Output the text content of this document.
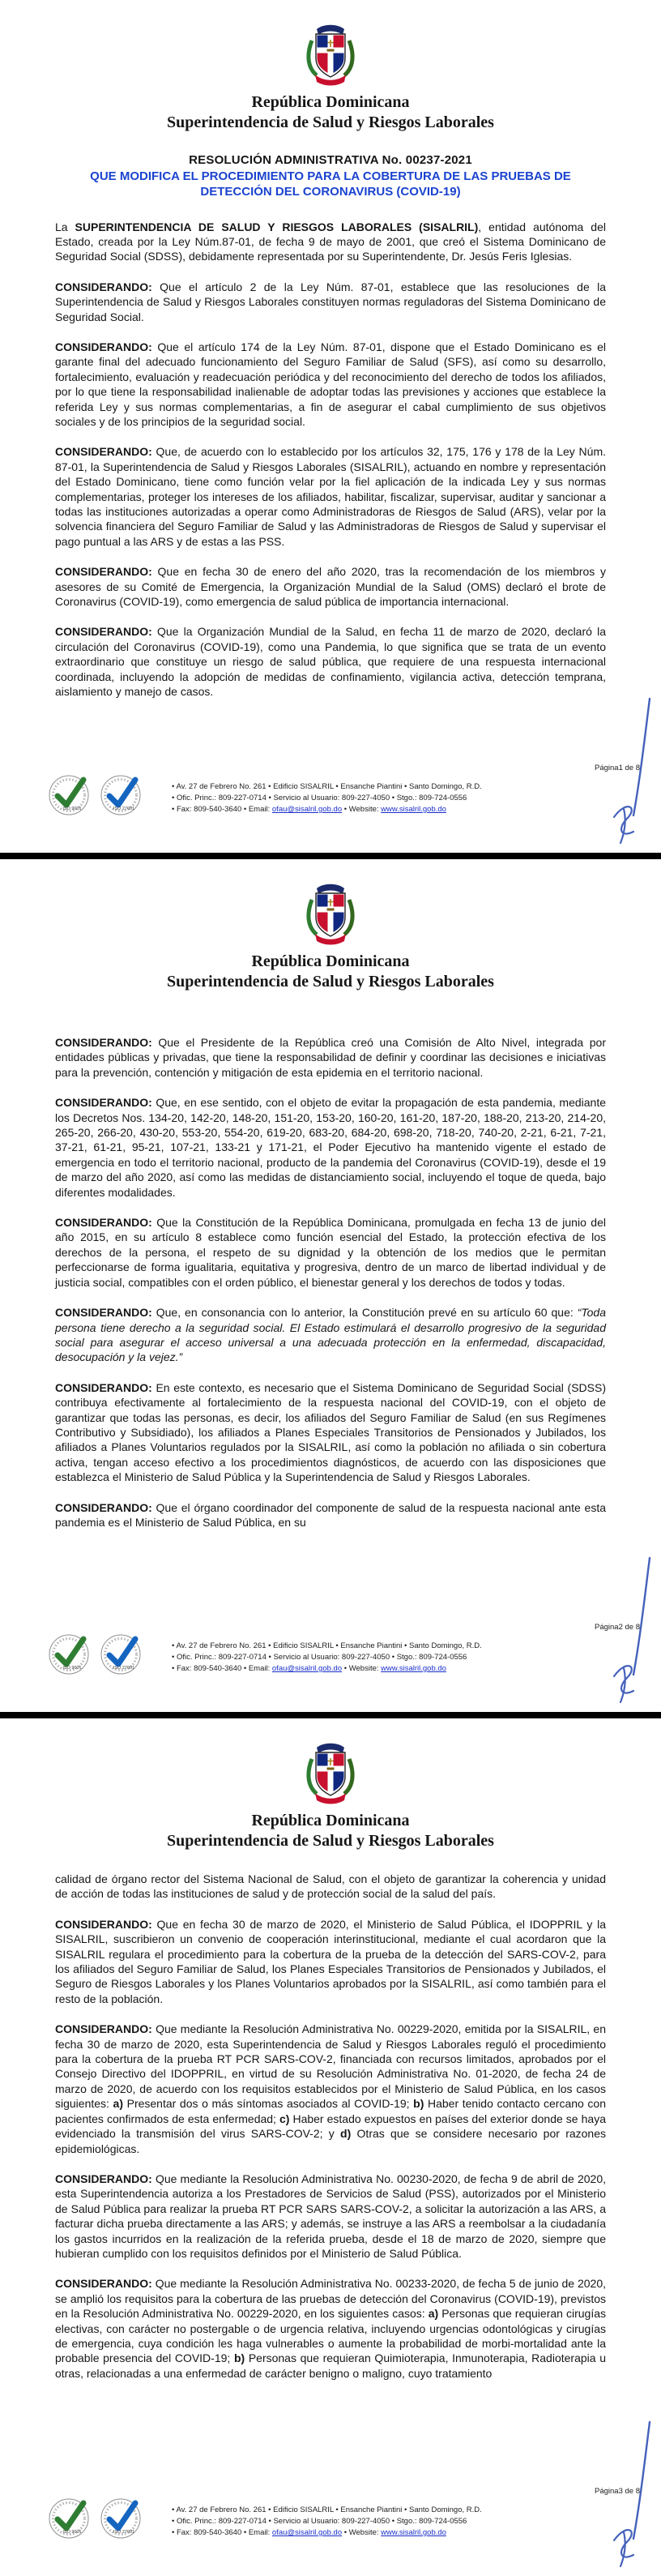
República Dominicana
Superintendencia de Salud y Riesgos Laborales
RESOLUCIÓN ADMINISTRATIVA No. 00237-2021
QUE MODIFICA EL PROCEDIMIENTO PARA LA COBERTURA DE LAS PRUEBAS DE DETECCIÓN DEL CORONAVIRUS (COVID-19)

La SUPERINTENDENCIA DE SALUD Y RIESGOS LABORALES (SISALRIL), entidad autónoma del Estado, creada por la Ley Núm.87-01, de fecha 9 de mayo de 2001, que creó el Sistema Dominicano de Seguridad Social (SDSS), debidamente representada por su Superintendente, Dr. Jesús Feris Iglesias.

CONSIDERANDO: Que el artículo 2 de la Ley Núm. 87-01, establece que las resoluciones de la Superintendencia de Salud y Riesgos Laborales constituyen normas reguladoras del Sistema Dominicano de Seguridad Social.

CONSIDERANDO: Que el artículo 174 de la Ley Núm. 87-01, dispone que el Estado Dominicano es el garante final del adecuado funcionamiento del Seguro Familiar de Salud (SFS), así como su desarrollo, fortalecimiento, evaluación y readecuación periódica y del reconocimiento del derecho de todos los afiliados, por lo que tiene la responsabilidad inalienable de adoptar todas las previsiones y acciones que establece la referida Ley y sus normas complementarias, a fin de asegurar el cabal cumplimiento de sus objetivos sociales y de los principios de la seguridad social.

CONSIDERANDO: Que, de acuerdo con lo establecido por los artículos 32, 175, 176 y 178 de la Ley Núm. 87-01, la Superintendencia de Salud y Riesgos Laborales (SISALRIL), actuando en nombre y representación del Estado Dominicano, tiene como función velar por la fiel aplicación de la indicada Ley y sus normas complementarias, proteger los intereses de los afiliados, habilitar, fiscalizar, supervisar, auditar y sancionar a todas las instituciones autorizadas a operar como Administradoras de Riesgos de Salud (ARS), velar por la solvencia financiera del Seguro Familiar de Salud y las Administradoras de Riesgos de Salud y supervisar el pago puntual a las ARS y de estas a las PSS.

CONSIDERANDO: Que en fecha 30 de enero del año 2020, tras la recomendación de los miembros y asesores de su Comité de Emergencia, la Organización Mundial de la Salud (OMS) declaró el brote de Coronavirus (COVID-19), como emergencia de salud pública de importancia internacional.

CONSIDERANDO: Que la Organización Mundial de la Salud, en fecha 11 de marzo de 2020, declaró la circulación del Coronavirus (COVID-19), como una Pandemia, lo que significa que se trata de un evento extraordinario que constituye un riesgo de salud pública, que requiere de una respuesta internacional coordinada, incluyendo la adopción de medidas de confinamiento, vigilancia activa, detección temprana, aislamiento y manejo de casos.

Página1 de 8
• Av. 27 de Febrero No. 261 • Edificio SISALRIL • Ensanche Piantini • Santo Domingo, R.D.
• Ofic. Princ.: 809-227-0714 • Servicio al Usuario: 809-227-4050 • Stgo.: 809-724-0556
• Fax: 809-540-3640 • Email: ofau@sisalril.gob.do • Website: www.sisalril.gob.do
República Dominicana
Superintendencia de Salud y Riesgos Laborales

CONSIDERANDO: Que el Presidente de la República creó una Comisión de Alto Nivel, integrada por entidades públicas y privadas, que tiene la responsabilidad de definir y coordinar las decisiones e iniciativas para la prevención, contención y mitigación de esta epidemia en el territorio nacional.

CONSIDERANDO: Que, en ese sentido, con el objeto de evitar la propagación de esta pandemia, mediante los Decretos Nos. 134-20, 142-20, 148-20, 151-20, 153-20, 160-20, 161-20, 187-20, 188-20, 213-20, 214-20, 265-20, 266-20, 430-20, 553-20, 554-20, 619-20, 683-20, 684-20, 698-20, 718-20, 740-20, 2-21, 6-21, 7-21, 37-21, 61-21, 95-21, 107-21, 133-21 y 171-21, el Poder Ejecutivo ha mantenido vigente el estado de emergencia en todo el territorio nacional, producto de la pandemia del Coronavirus (COVID-19), desde el 19 de marzo del año 2020, así como las medidas de distanciamiento social, incluyendo el toque de queda, bajo diferentes modalidades.

CONSIDERANDO: Que la Constitución de la República Dominicana, promulgada en fecha 13 de junio del año 2015, en su artículo 8 establece como función esencial del Estado, la protección efectiva de los derechos de la persona, el respeto de su dignidad y la obtención de los medios que le permitan perfeccionarse de forma igualitaria, equitativa y progresiva, dentro de un marco de libertad individual y de justicia social, compatibles con el orden público, el bienestar general y los derechos de todos y todas.

CONSIDERANDO: Que, en consonancia con lo anterior, la Constitución prevé en su artículo 60 que: “Toda persona tiene derecho a la seguridad social. El Estado estimulará el desarrollo progresivo de la seguridad social para asegurar el acceso universal a una adecuada protección en la enfermedad, discapacidad, desocupación y la vejez.”

CONSIDERANDO: En este contexto, es necesario que el Sistema Dominicano de Seguridad Social (SDSS) contribuya efectivamente al fortalecimiento de la respuesta nacional del COVID-19, con el objeto de garantizar que todas las personas, es decir, los afiliados del Seguro Familiar de Salud (en sus Regímenes Contributivo y Subsidiado), los afiliados a Planes Especiales Transitorios de Pensionados y Jubilados, los afiliados a Planes Voluntarios regulados por la SISALRIL, así como la población no afiliada o sin cobertura activa, tengan acceso efectivo a los procedimientos diagnósticos, de acuerdo con las disposiciones que establezca el Ministerio de Salud Pública y la Superintendencia de Salud y Riesgos Laborales.

CONSIDERANDO: Que el órgano coordinador del componente de salud de la respuesta nacional ante esta pandemia es el Ministerio de Salud Pública, en su

Página2 de 8
• Av. 27 de Febrero No. 261 • Edificio SISALRIL • Ensanche Piantini • Santo Domingo, R.D.
• Ofic. Princ.: 809-227-0714 • Servicio al Usuario: 809-227-4050 • Stgo.: 809-724-0556
• Fax: 809-540-3640 • Email: ofau@sisalril.gob.do • Website: www.sisalril.gob.do
República Dominicana
Superintendencia de Salud y Riesgos Laborales

calidad de órgano rector del Sistema Nacional de Salud, con el objeto de garantizar la coherencia y unidad de acción de todas las instituciones de salud y de protección social de la salud del país.

CONSIDERANDO: Que en fecha 30 de marzo de 2020, el Ministerio de Salud Pública, el IDOPPRIL y la SISALRIL, suscribieron un convenio de cooperación interinstitucional, mediante el cual acordaron que la SISALRIL regulara el procedimiento para la cobertura de la prueba de la detección del SARS-COV-2, para los afiliados del Seguro Familiar de Salud, los Planes Especiales Transitorios de Pensionados y Jubilados, el Seguro de Riesgos Laborales y los Planes Voluntarios aprobados por la SISALRIL, así como también para el resto de la población.

CONSIDERANDO: Que mediante la Resolución Administrativa No. 00229-2020, emitida por la SISALRIL, en fecha 30 de marzo de 2020, esta Superintendencia de Salud y Riesgos Laborales reguló el procedimiento para la cobertura de la prueba RT PCR SARS-COV-2, financiada con recursos limitados, aprobados por el Consejo Directivo del IDOPPRIL, en virtud de su Resolución Administrativa No. 01-2020, de fecha 24 de marzo de 2020, de acuerdo con los requisitos establecidos por el Ministerio de Salud Pública, en los casos siguientes: a) Presentar dos o más síntomas asociados al COVID-19; b) Haber tenido contacto cercano con pacientes confirmados de esta enfermedad; c) Haber estado expuestos en países del exterior donde se haya evidenciado la transmisión del virus SARS-COV-2; y d) Otras que se considere necesario por razones epidemiológicas.

CONSIDERANDO: Que mediante la Resolución Administrativa No. 00230-2020, de fecha 9 de abril de 2020, esta Superintendencia autoriza a los Prestadores de Servicios de Salud (PSS), autorizados por el Ministerio de Salud Pública para realizar la prueba RT PCR SARS SARS-COV-2, a solicitar la autorización a las ARS, a facturar dicha prueba directamente a las ARS; y además, se instruye a las ARS a reembolsar a la ciudadanía los gastos incurridos en la realización de la referida prueba, desde el 18 de marzo de 2020, siempre que hubieran cumplido con los requisitos definidos por el Ministerio de Salud Pública.

CONSIDERANDO: Que mediante la Resolución Administrativa No. 00233-2020, de fecha 5 de junio de 2020, se amplió los requisitos para la cobertura de las pruebas de detección del Coronavirus (COVID-19), previstos en la Resolución Administrativa No. 00229-2020, en los siguientes casos: a) Personas que requieran cirugías electivas, con carácter no postergable o de urgencia relativa, incluyendo urgencias odontológicas y cirugías de emergencia, cuya condición les haga vulnerables o aumente la probabilidad de morbi-mortalidad ante la probable presencia del COVID-19; b) Personas que requieran Quimioterapia, Inmunoterapia, Radioterapia u otras, relacionadas a una enfermedad de carácter benigno o maligno, cuyo tratamiento

Página3 de 8
• Av. 27 de Febrero No. 261 • Edificio SISALRIL • Ensanche Piantini • Santo Domingo, R.D.
• Ofic. Princ.: 809-227-0714 • Servicio al Usuario: 809-227-4050 • Stgo.: 809-724-0556
• Fax: 809-540-3640 • Email: ofau@sisalril.gob.do • Website: www.sisalril.gob.do
